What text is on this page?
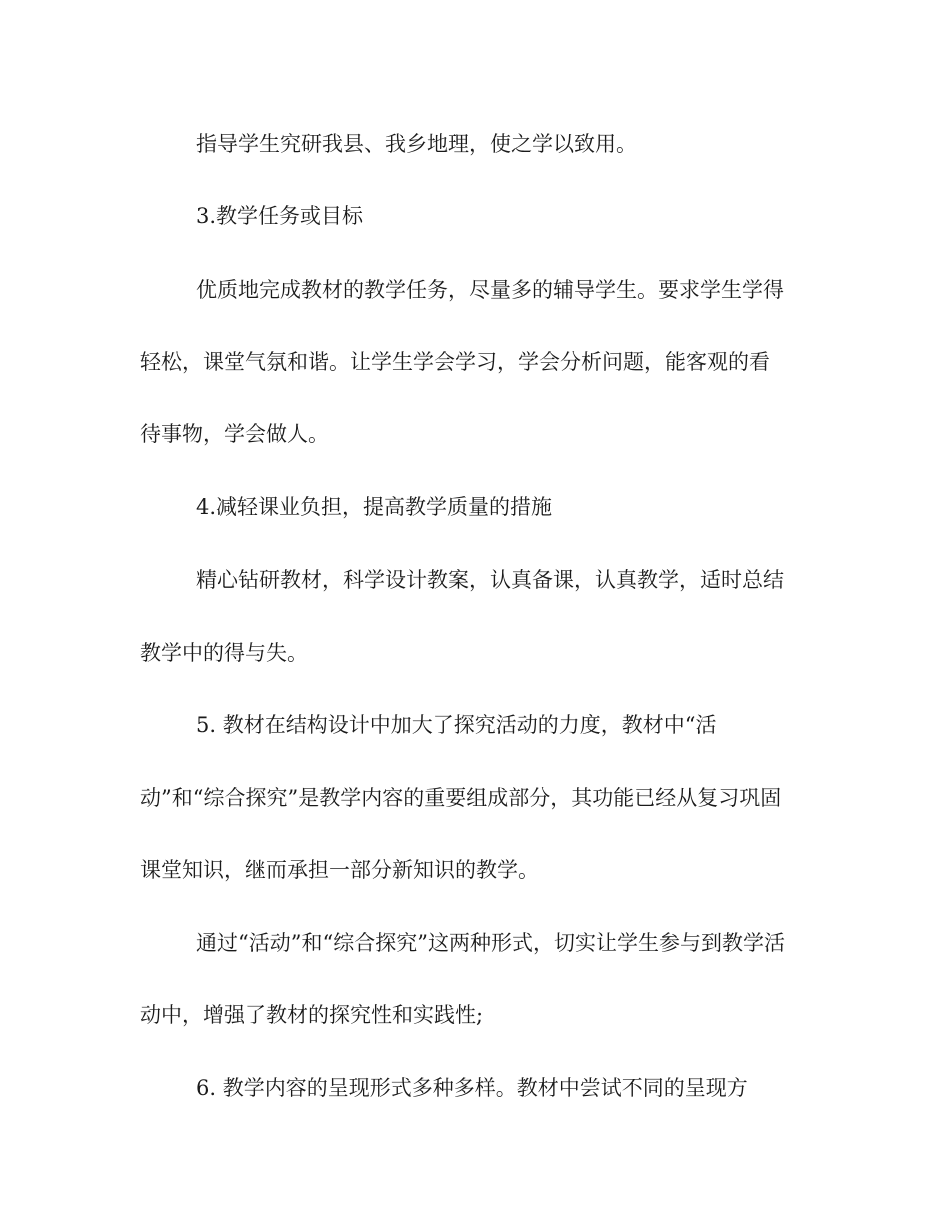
指导学生究研我县、我乡地理，使之学以致用。

3.教学任务或目标

优质地完成教材的教学任务，尽量多的辅导学生。要求学生学得

轻松，课堂气氛和谐。让学生学会学习，学会分析问题，能客观的看

待事物，学会做人。

4.减轻课业负担，提高教学质量的措施

精心钻研教材，科学设计教案，认真备课，认真教学，适时总结

教学中的得与失。

5. 教材在结构设计中加大了探究活动的力度，教材中“活

动”和“综合探究”是教学内容的重要组成部分，其功能已经从复习巩固

课堂知识，继而承担一部分新知识的教学。

通过“活动”和“综合探究”这两种形式，切实让学生参与到教学活

动中，增强了教材的探究性和实践性;

6. 教学内容的呈现形式多种多样。教材中尝试不同的呈现方
